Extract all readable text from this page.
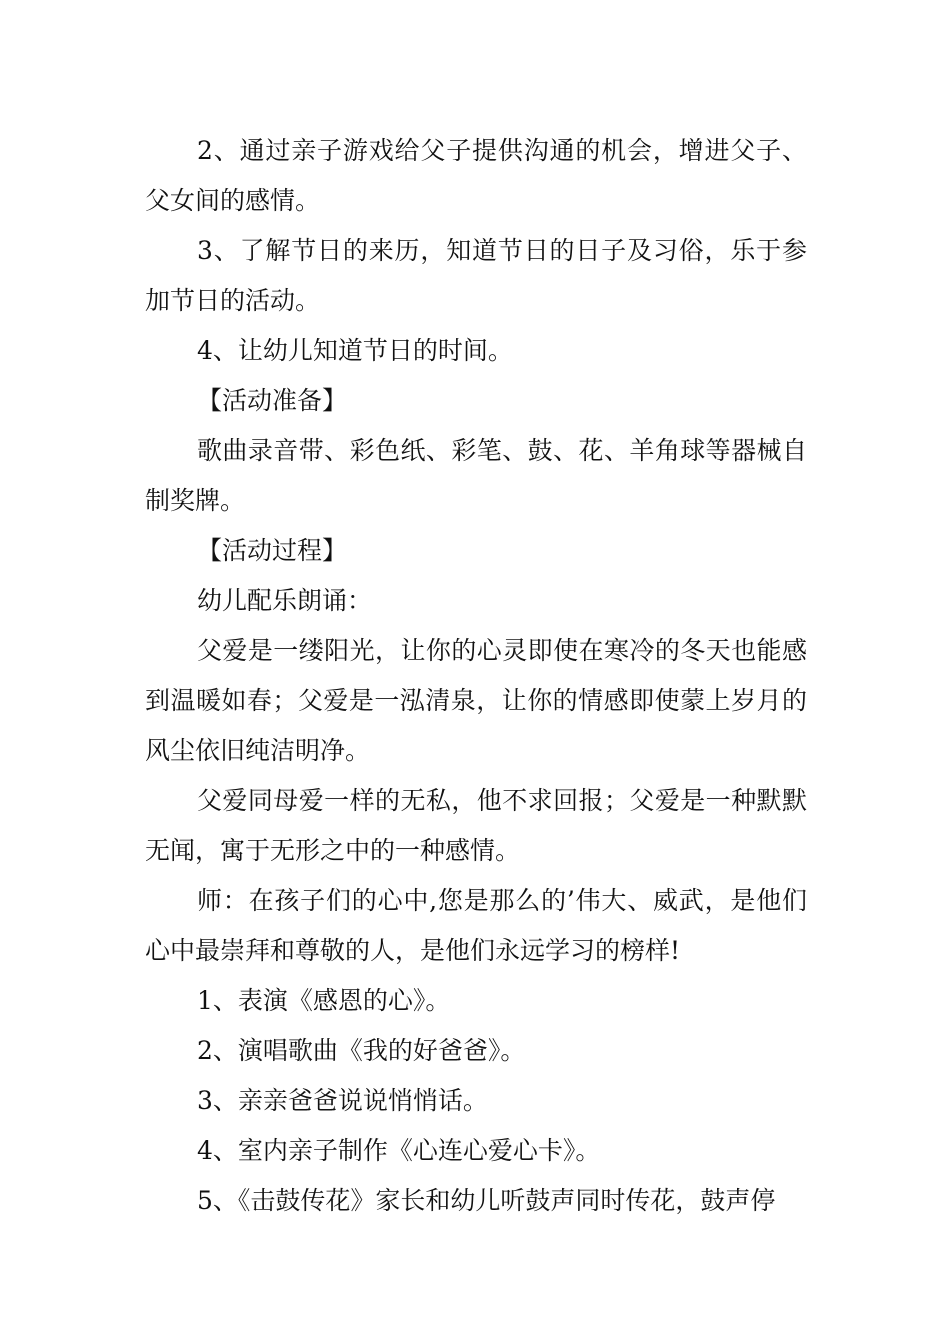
2、通过亲子游戏给父子提供沟通的机会，增进父子、父女间的感情。

3、了解节日的来历，知道节日的日子及习俗，乐于参加节日的活动。

4、让幼儿知道节日的时间。

【活动准备】

歌曲录音带、彩色纸、彩笔、鼓、花、羊角球等器械自制奖牌。

【活动过程】

幼儿配乐朗诵：

父爱是一缕阳光，让你的心灵即使在寒冷的冬天也能感到温暖如春；父爱是一泓清泉，让你的情感即使蒙上岁月的风尘依旧纯洁明净。

父爱同母爱一样的无私，他不求回报；父爱是一种默默无闻，寓于无形之中的一种感情。

师：在孩子们的心中,您是那么的’伟大、威武，是他们心中最崇拜和尊敬的人，是他们永远学习的榜样!

1、表演《感恩的心》。

2、演唱歌曲《我的好爸爸》。

3、亲亲爸爸说说悄悄话。

4、室内亲子制作《心连心爱心卡》。

5、《击鼓传花》家长和幼儿听鼓声同时传花，鼓声停
